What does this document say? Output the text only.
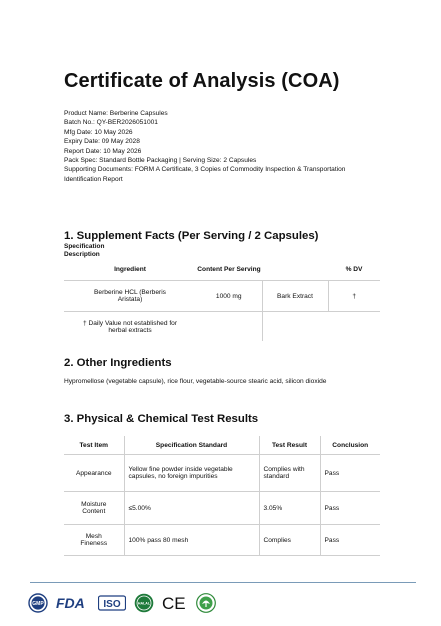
Certificate of Analysis (COA)
Product Name: Berberine Capsules
Batch No.: QY-BER2026051001
Mfg Date: 10 May 2026
Expiry Date: 09 May 2028
Report Date: 10 May 2026
Pack Spec: Standard Bottle Packaging | Serving Size: 2 Capsules
Supporting Documents: FORM A Certificate, 3 Copies of Commodity Inspection & Transportation Identification Report
1. Supplement Facts (Per Serving / 2 Capsules)
Specification
Description
Ingredient	Content Per Serving		% DV
Berberine HCL (Berberis Aristata)	1000 mg	Bark Extract	†
† Daily Value not established for herbal extracts			
2. Other Ingredients
Hypromellose (vegetable capsule), rice flour, vegetable-source stearic acid, silicon dioxide
3. Physical & Chemical Test Results
Test Item	Specification Standard	Test Result	Conclusion
Appearance	Yellow fine powder inside vegetable capsules, no foreign impurities	Complies with standard	Pass
Moisture Content	≤5.00%	3.05%	Pass
Mesh Fineness	100% pass 80 mesh	Complies	Pass
GMP FDA ISO	HALAL CE
